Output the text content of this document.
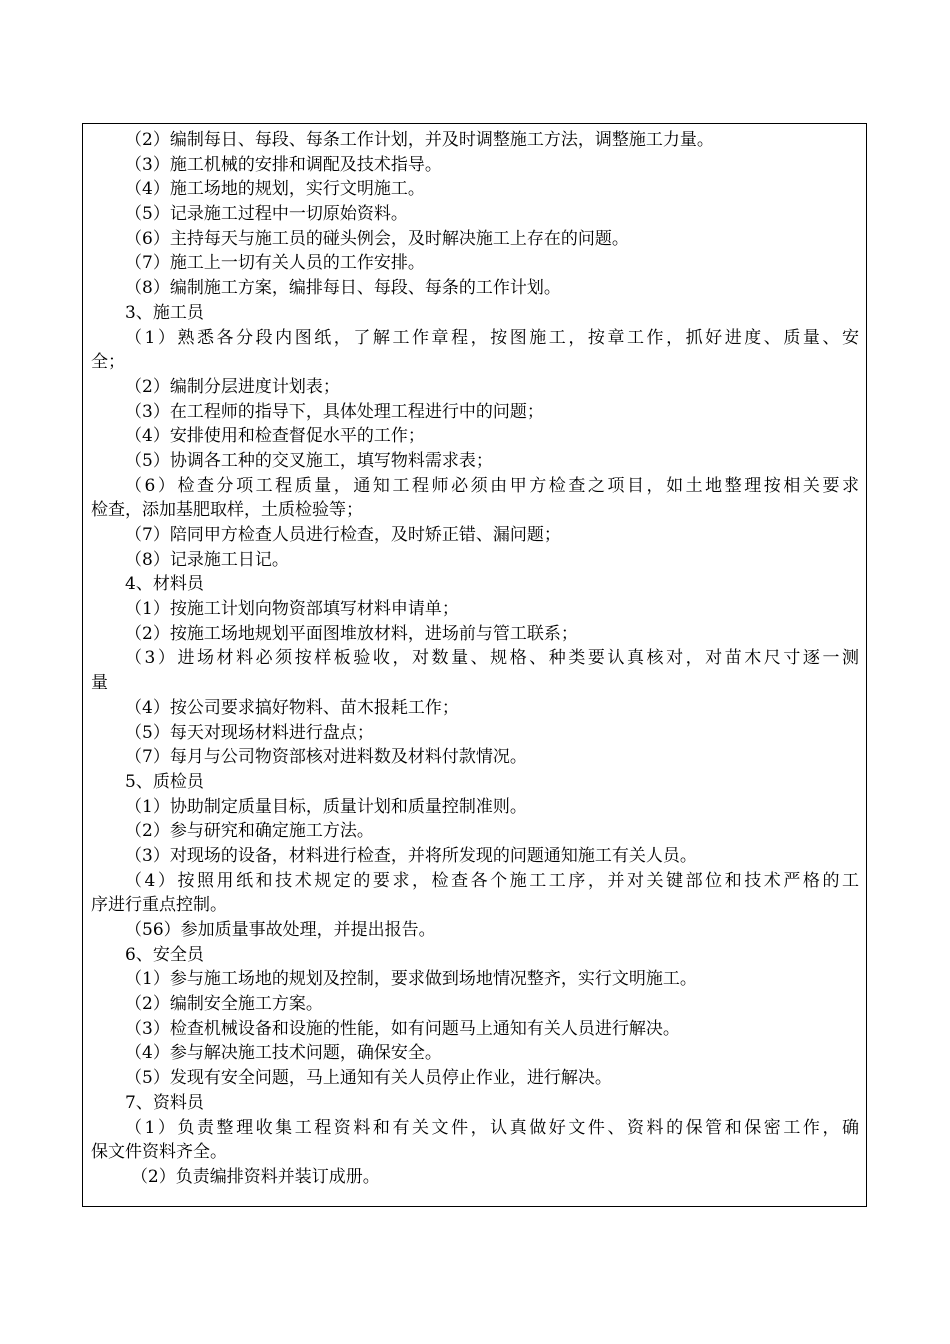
（2）编制每日、每段、每条工作计划，并及时调整施工方法，调整施工力量。
（3）施工机械的安排和调配及技术指导。
（4）施工场地的规划，实行文明施工。
（5）记录施工过程中一切原始资料。
（6）主持每天与施工员的碰头例会，及时解决施工上存在的问题。
（7）施工上一切有关人员的工作安排。
（8）编制施工方案，编排每日、每段、每条的工作计划。
3、施工员
（1）熟悉各分段内图纸，了解工作章程，按图施工，按章工作，抓好进度、质量、安
全；
（2）编制分层进度计划表；
（3）在工程师的指导下，具体处理工程进行中的问题；
（4）安排使用和检查督促水平的工作；
（5）协调各工种的交叉施工，填写物料需求表；
（6）检查分项工程质量，通知工程师必须由甲方检查之项目，如土地整理按相关要求
检查，添加基肥取样，土质检验等；
（7）陪同甲方检查人员进行检查，及时矫正错、漏问题；
（8）记录施工日记。
4、材料员
（1）按施工计划向物资部填写材料申请单；
（2）按施工场地规划平面图堆放材料，进场前与管工联系；
（3）进场材料必须按样板验收，对数量、规格、种类要认真核对，对苗木尺寸逐一测
量
（4）按公司要求搞好物料、苗木报耗工作；
（5）每天对现场材料进行盘点；
（7）每月与公司物资部核对进料数及材料付款情况。
5、质检员
（1）协助制定质量目标，质量计划和质量控制准则。
（2）参与研究和确定施工方法。
（3）对现场的设备，材料进行检查，并将所发现的问题通知施工有关人员。
（4）按照用纸和技术规定的要求，检查各个施工工序，并对关键部位和技术严格的工
序进行重点控制。
（56）参加质量事故处理，并提出报告。
6、安全员
（1）参与施工场地的规划及控制，要求做到场地情况整齐，实行文明施工。
（2）编制安全施工方案。
（3）检查机械设备和设施的性能，如有问题马上通知有关人员进行解决。
（4）参与解决施工技术问题，确保安全。
（5）发现有安全问题，马上通知有关人员停止作业，进行解决。
7、资料员
（1）负责整理收集工程资料和有关文件，认真做好文件、资料的保管和保密工作，确
保文件资料齐全。
（2）负责编排资料并装订成册。
